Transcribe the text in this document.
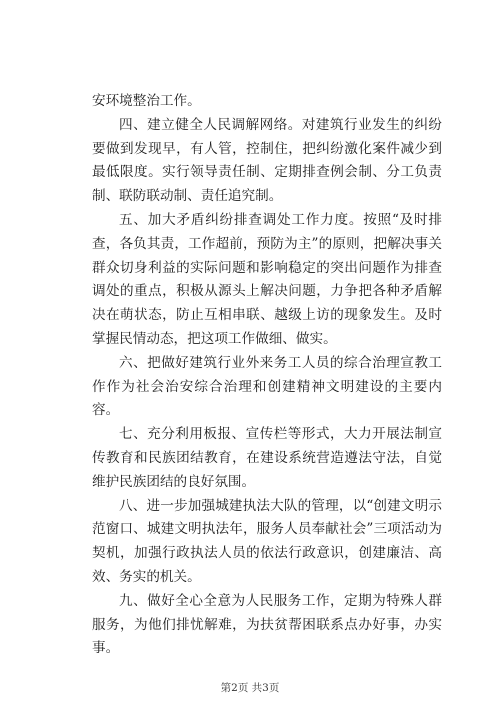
安环境整治工作。

四、建立健全人民调解网络。对建筑行业发生的纠纷要做到发现早，有人管，控制住，把纠纷激化案件减少到最低限度。实行领导责任制、定期排查例会制、分工负责制、联防联动制、责任追究制。

五、加大矛盾纠纷排查调处工作力度。按照“及时排查，各负其责，工作超前，预防为主”的原则，把解决事关群众切身利益的实际问题和影响稳定的突出问题作为排查调处的重点，积极从源头上解决问题，力争把各种矛盾解决在萌状态，防止互相串联、越级上访的现象发生。及时掌握民情动态，把这项工作做细、做实。

六、把做好建筑行业外来务工人员的综合治理宣教工作作为社会治安综合治理和创建精神文明建设的主要内容。

七、充分利用板报、宣传栏等形式，大力开展法制宣传教育和民族团结教育，在建设系统营造遵法守法，自觉维护民族团结的良好氛围。

八、进一步加强城建执法大队的管理，以“创建文明示范窗口、城建文明执法年，服务人员奉献社会”三项活动为契机，加强行政执法人员的依法行政意识，创建廉洁、高效、务实的机关。

九、做好全心全意为人民服务工作，定期为特殊人群服务，为他们排忧解难，为扶贫帮困联系点办好事，办实事。

第2页 共3页
